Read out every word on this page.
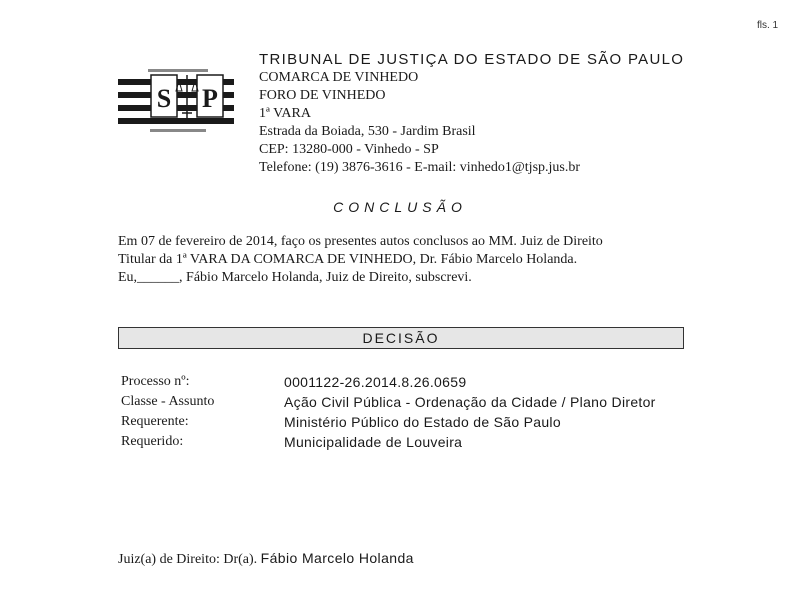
fls. 1
S P
TRIBUNAL DE JUSTIÇA DO ESTADO DE SÃO PAULO
COMARCA DE VINHEDO
FORO DE VINHEDO
1ª VARA
Estrada da Boiada, 530 - Jardim Brasil
CEP: 13280-000 - Vinhedo - SP
Telefone: (19) 3876-3616 - E-mail: vinhedo1@tjsp.jus.br
CONCLUSÃO
Em 07 de fevereiro de 2014, faço os presentes autos conclusos ao MM. Juiz de Direito
Titular da 1ª VARA DA COMARCA DE VINHEDO, Dr. Fábio Marcelo Holanda.
Eu,______, Fábio Marcelo Holanda, Juiz de Direito, subscrevi.
DECISÃO
Processo nº:	0001122-26.2014.8.26.0659
Classe - Assunto	Ação Civil Pública - Ordenação da Cidade / Plano Diretor
Requerente:	Ministério Público do Estado de São Paulo
Requerido:	Municipalidade de Louveira
Juiz(a) de Direito: Dr(a). Fábio Marcelo Holanda
